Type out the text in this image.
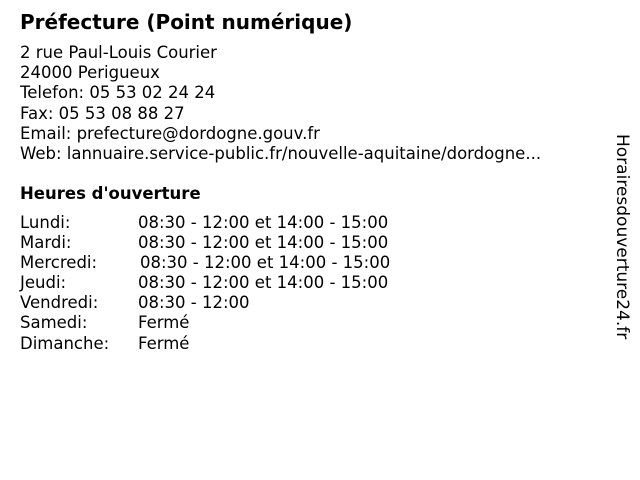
Préfecture (Point numérique)
2 rue Paul-Louis Courier
24000 Perigueux
Telefon: 05 53 02 24 24
Fax: 05 53 08 88 27
Email: prefecture@dordogne.gouv.fr
Web: lannuaire.service-public.fr/nouvelle-aquitaine/dordogne...
Heures d'ouverture
Lundi:	08:30 - 12:00 et 14:00 - 15:00
Mardi:	08:30 - 12:00 et 14:00 - 15:00
Mercredi:	08:30 - 12:00 et 14:00 - 15:00
Jeudi:	08:30 - 12:00 et 14:00 - 15:00
Vendredi: 08:30 - 12:00
Samedi:	Fermé
Dimanche: Fermé
Horairesdouverture24.fr
